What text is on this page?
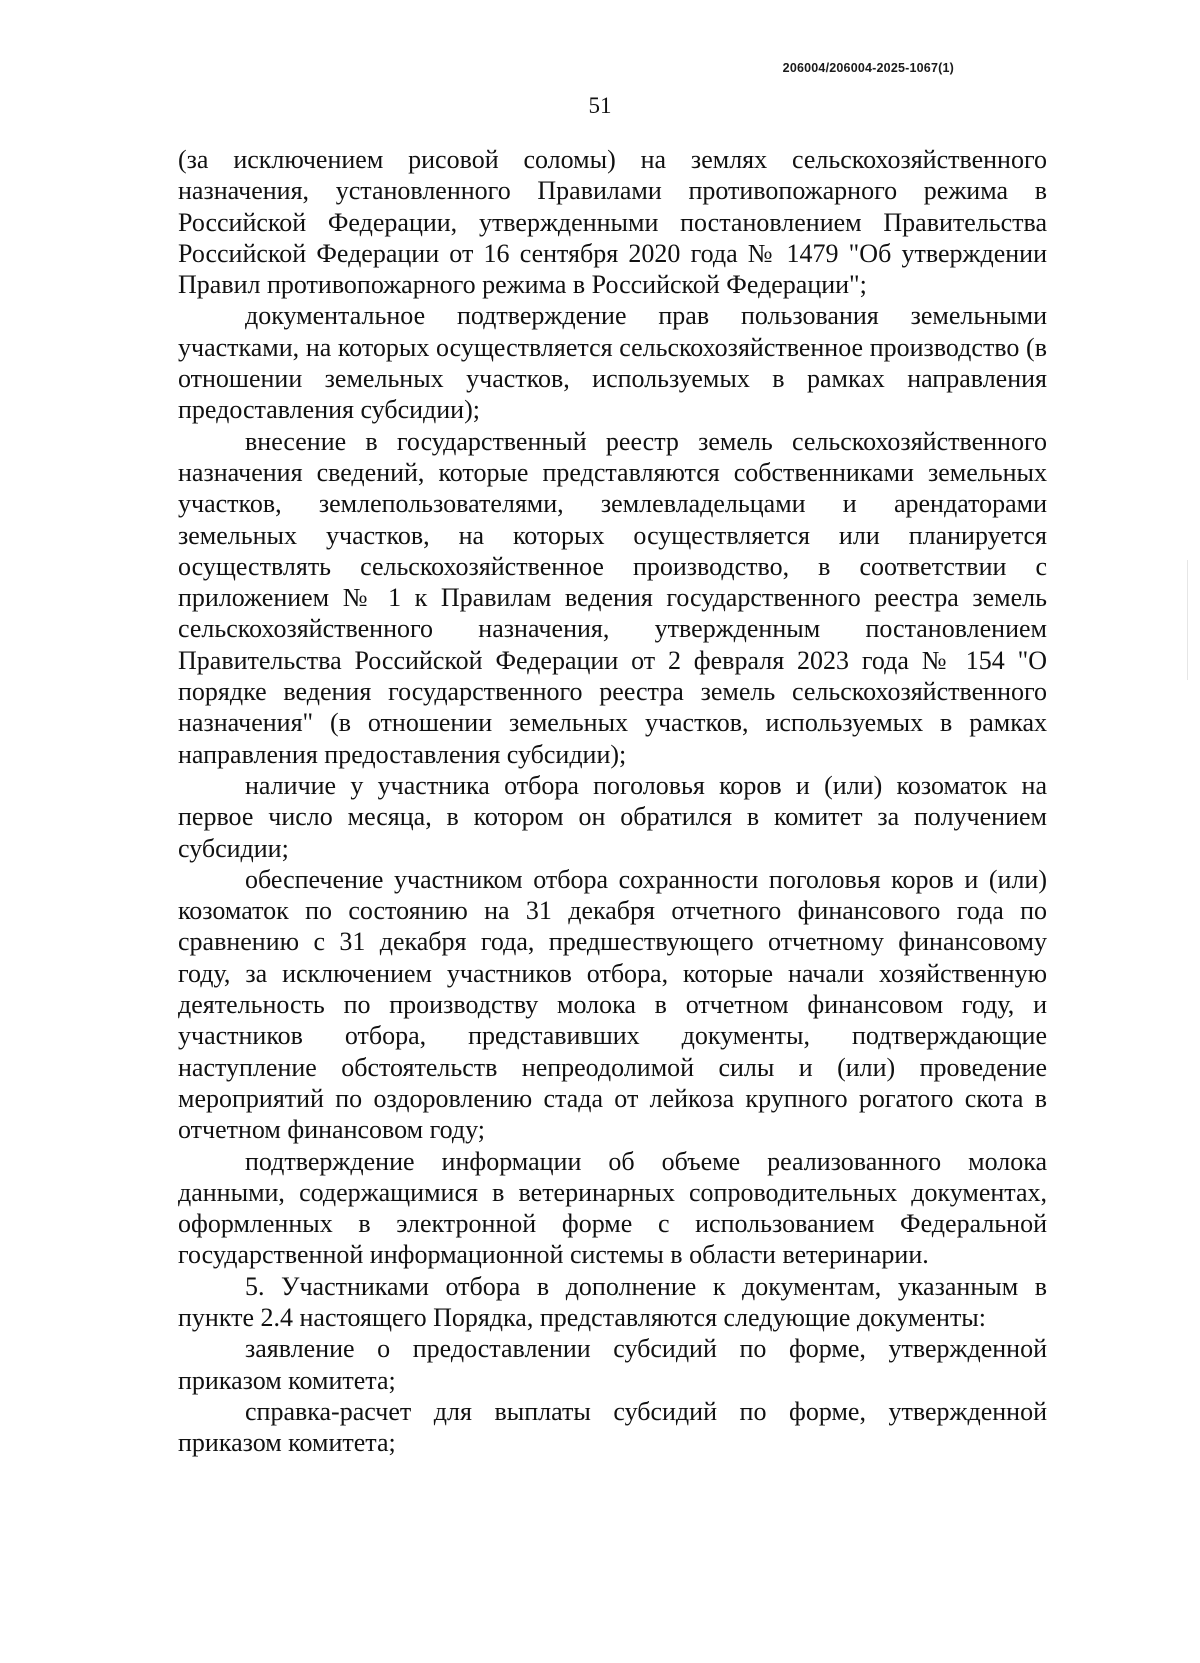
206004/206004-2025-1067(1)
51

(за исключением рисовой соломы) на землях сельскохозяйственного назначения, установленного Правилами противопожарного режима в Российской Федерации, утвержденными постановлением Правительства Российской Федерации от 16 сентября 2020 года № 1479 "Об утверждении Правил противопожарного режима в Российской Федерации";

документальное подтверждение прав пользования земельными участками, на которых осуществляется сельскохозяйственное производство (в отношении земельных участков, используемых в рамках направления предоставления субсидии);

внесение в государственный реестр земель сельскохозяйственного назначения сведений, которые представляются собственниками земельных участков, землепользователями, землевладельцами и арендаторами земельных участков, на которых осуществляется или планируется осуществлять сельскохозяйственное производство, в соответствии с приложением № 1 к Правилам ведения государственного реестра земель сельскохозяйственного назначения, утвержденным постановлением Правительства Российской Федерации от 2 февраля 2023 года № 154 "О порядке ведения государственного реестра земель сельскохозяйственного назначения" (в отношении земельных участков, используемых в рамках направления предоставления субсидии);

наличие у участника отбора поголовья коров и (или) козоматок на первое число месяца, в котором он обратился в комитет за получением субсидии;

обеспечение участником отбора сохранности поголовья коров и (или) козоматок по состоянию на 31 декабря отчетного финансового года по сравнению с 31 декабря года, предшествующего отчетному финансовому году, за исключением участников отбора, которые начали хозяйственную деятельность по производству молока в отчетном финансовом году, и участников отбора, представивших документы, подтверждающие наступление обстоятельств непреодолимой силы и (или) проведение мероприятий по оздоровлению стада от лейкоза крупного рогатого скота в отчетном финансовом году;

подтверждение информации об объеме реализованного молока данными, содержащимися в ветеринарных сопроводительных документах, оформленных в электронной форме с использованием Федеральной государственной информационной системы в области ветеринарии.

5. Участниками отбора в дополнение к документам, указанным в пункте 2.4 настоящего Порядка, представляются следующие документы:

заявление о предоставлении субсидий по форме, утвержденной приказом комитета;

справка-расчет для выплаты субсидий по форме, утвержденной приказом комитета;
